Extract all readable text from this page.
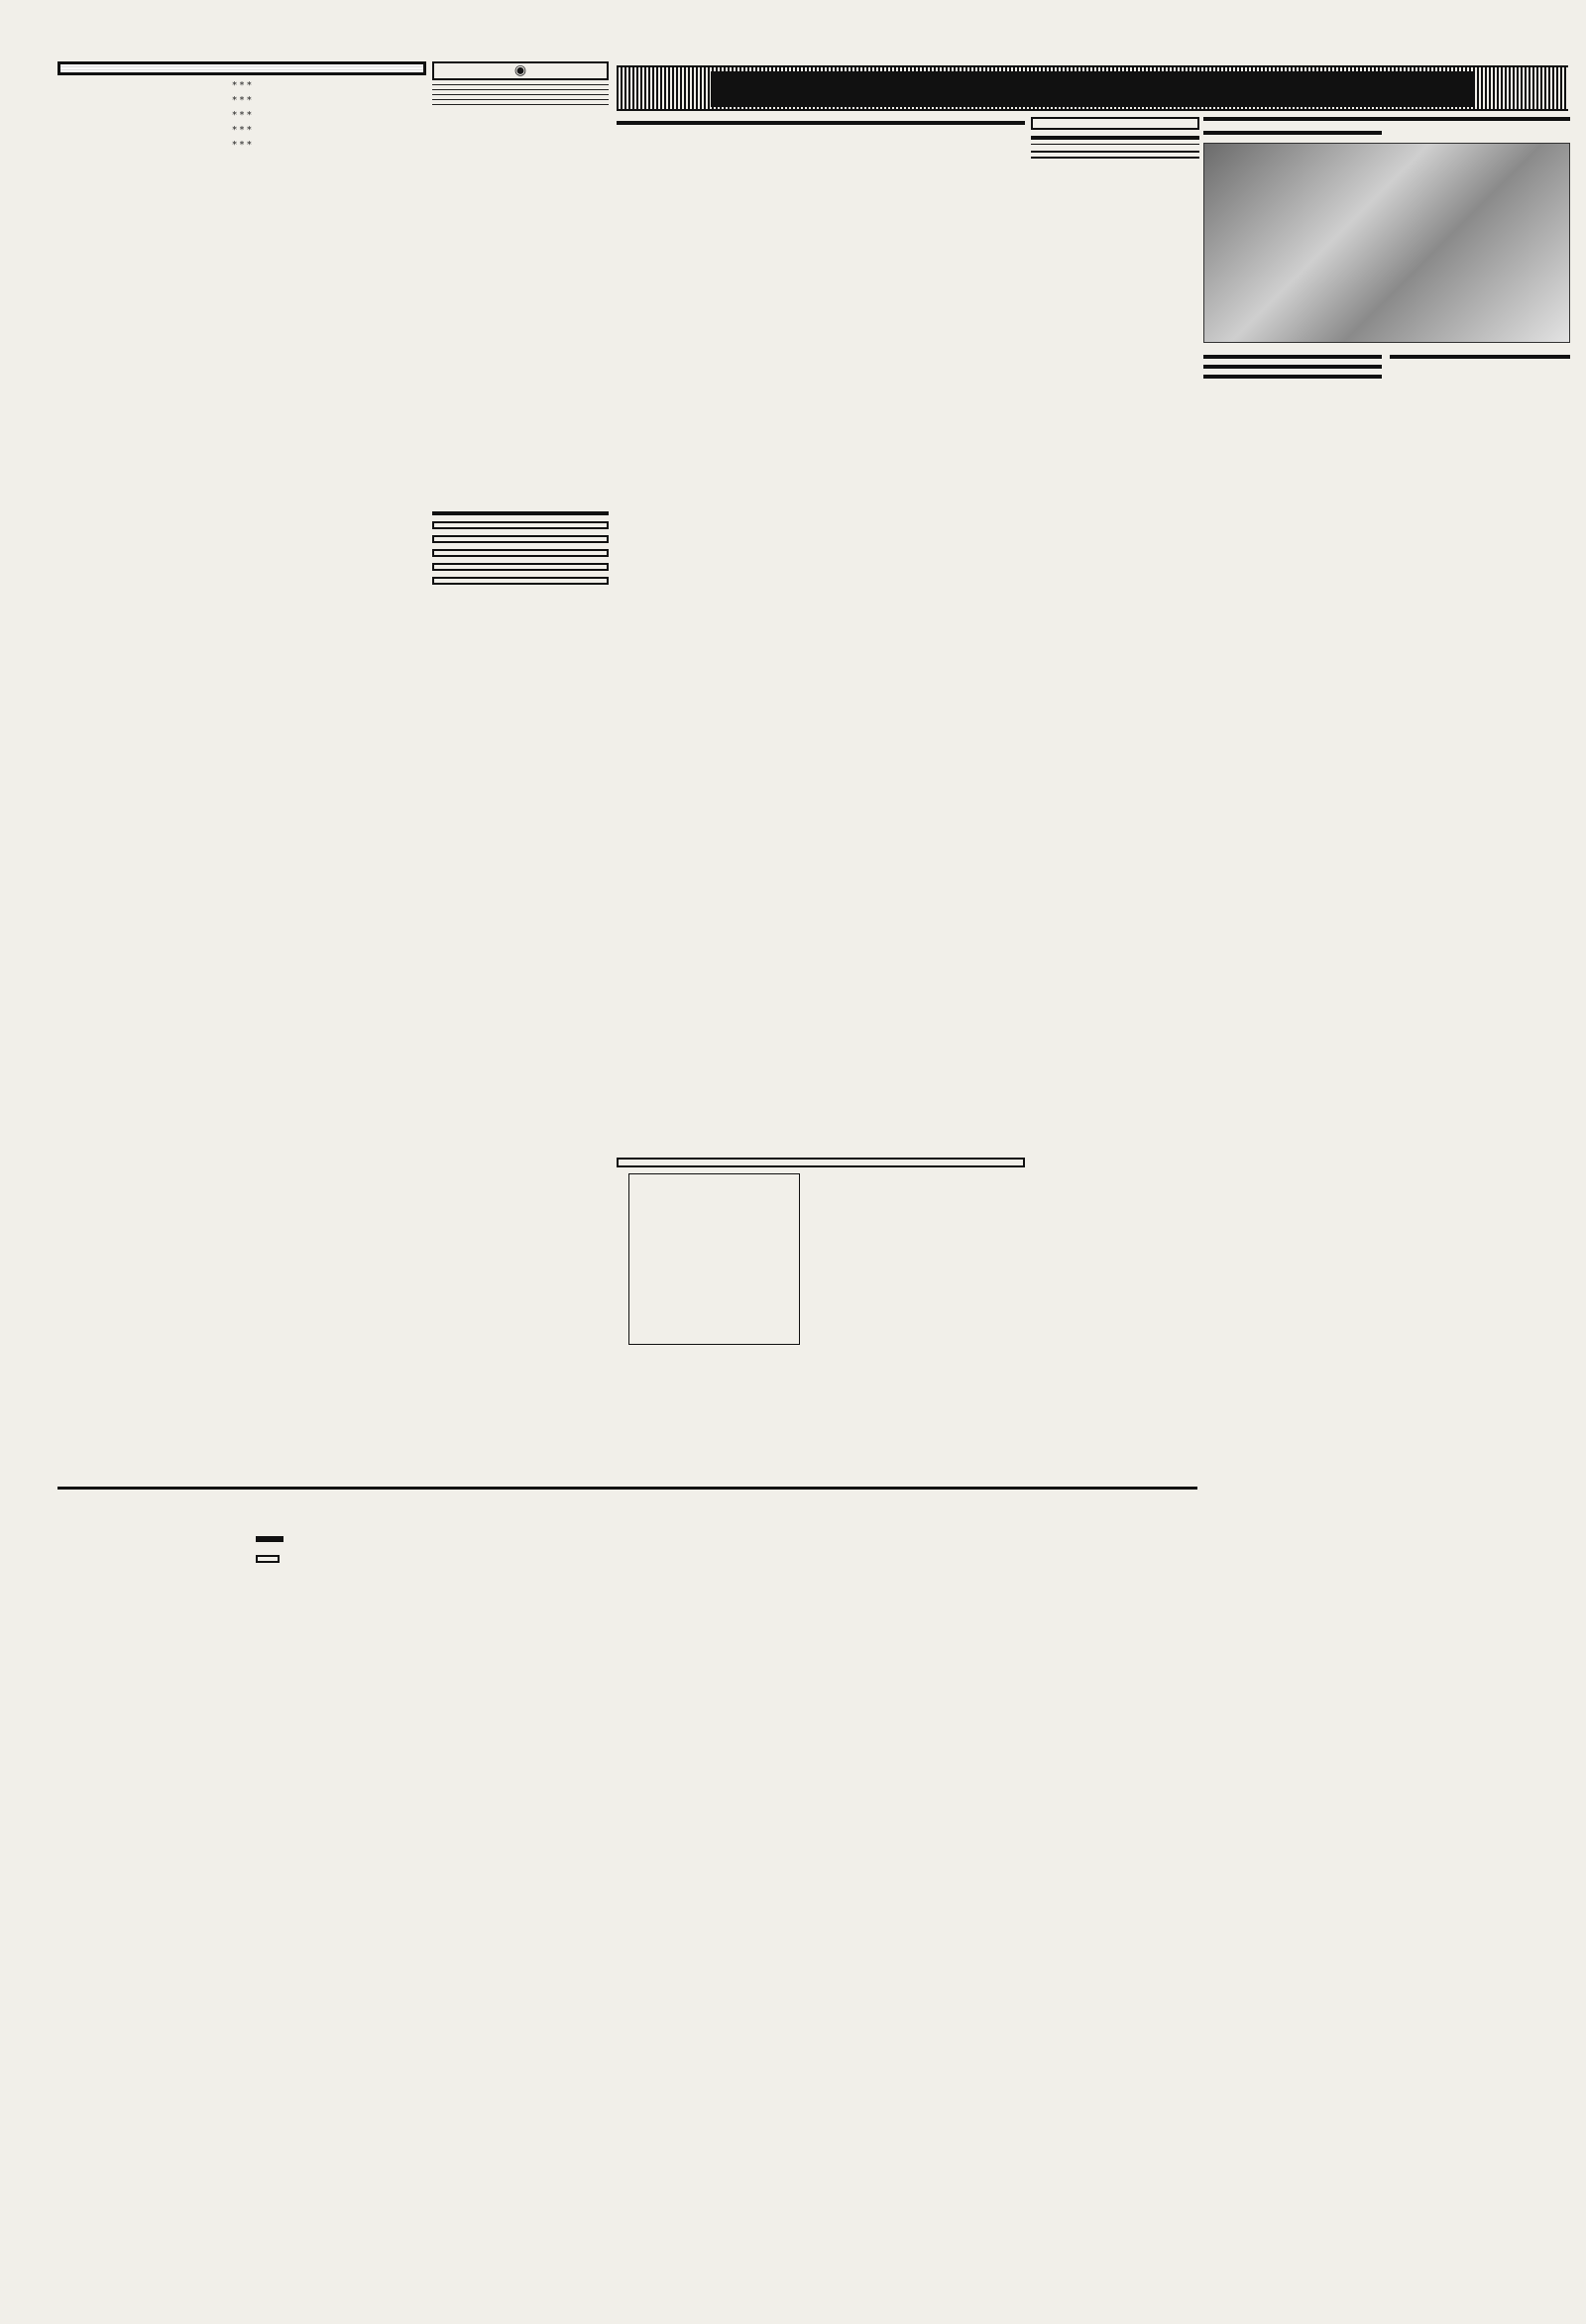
* * *

* * *

* * *

* * *

* * *

◉
